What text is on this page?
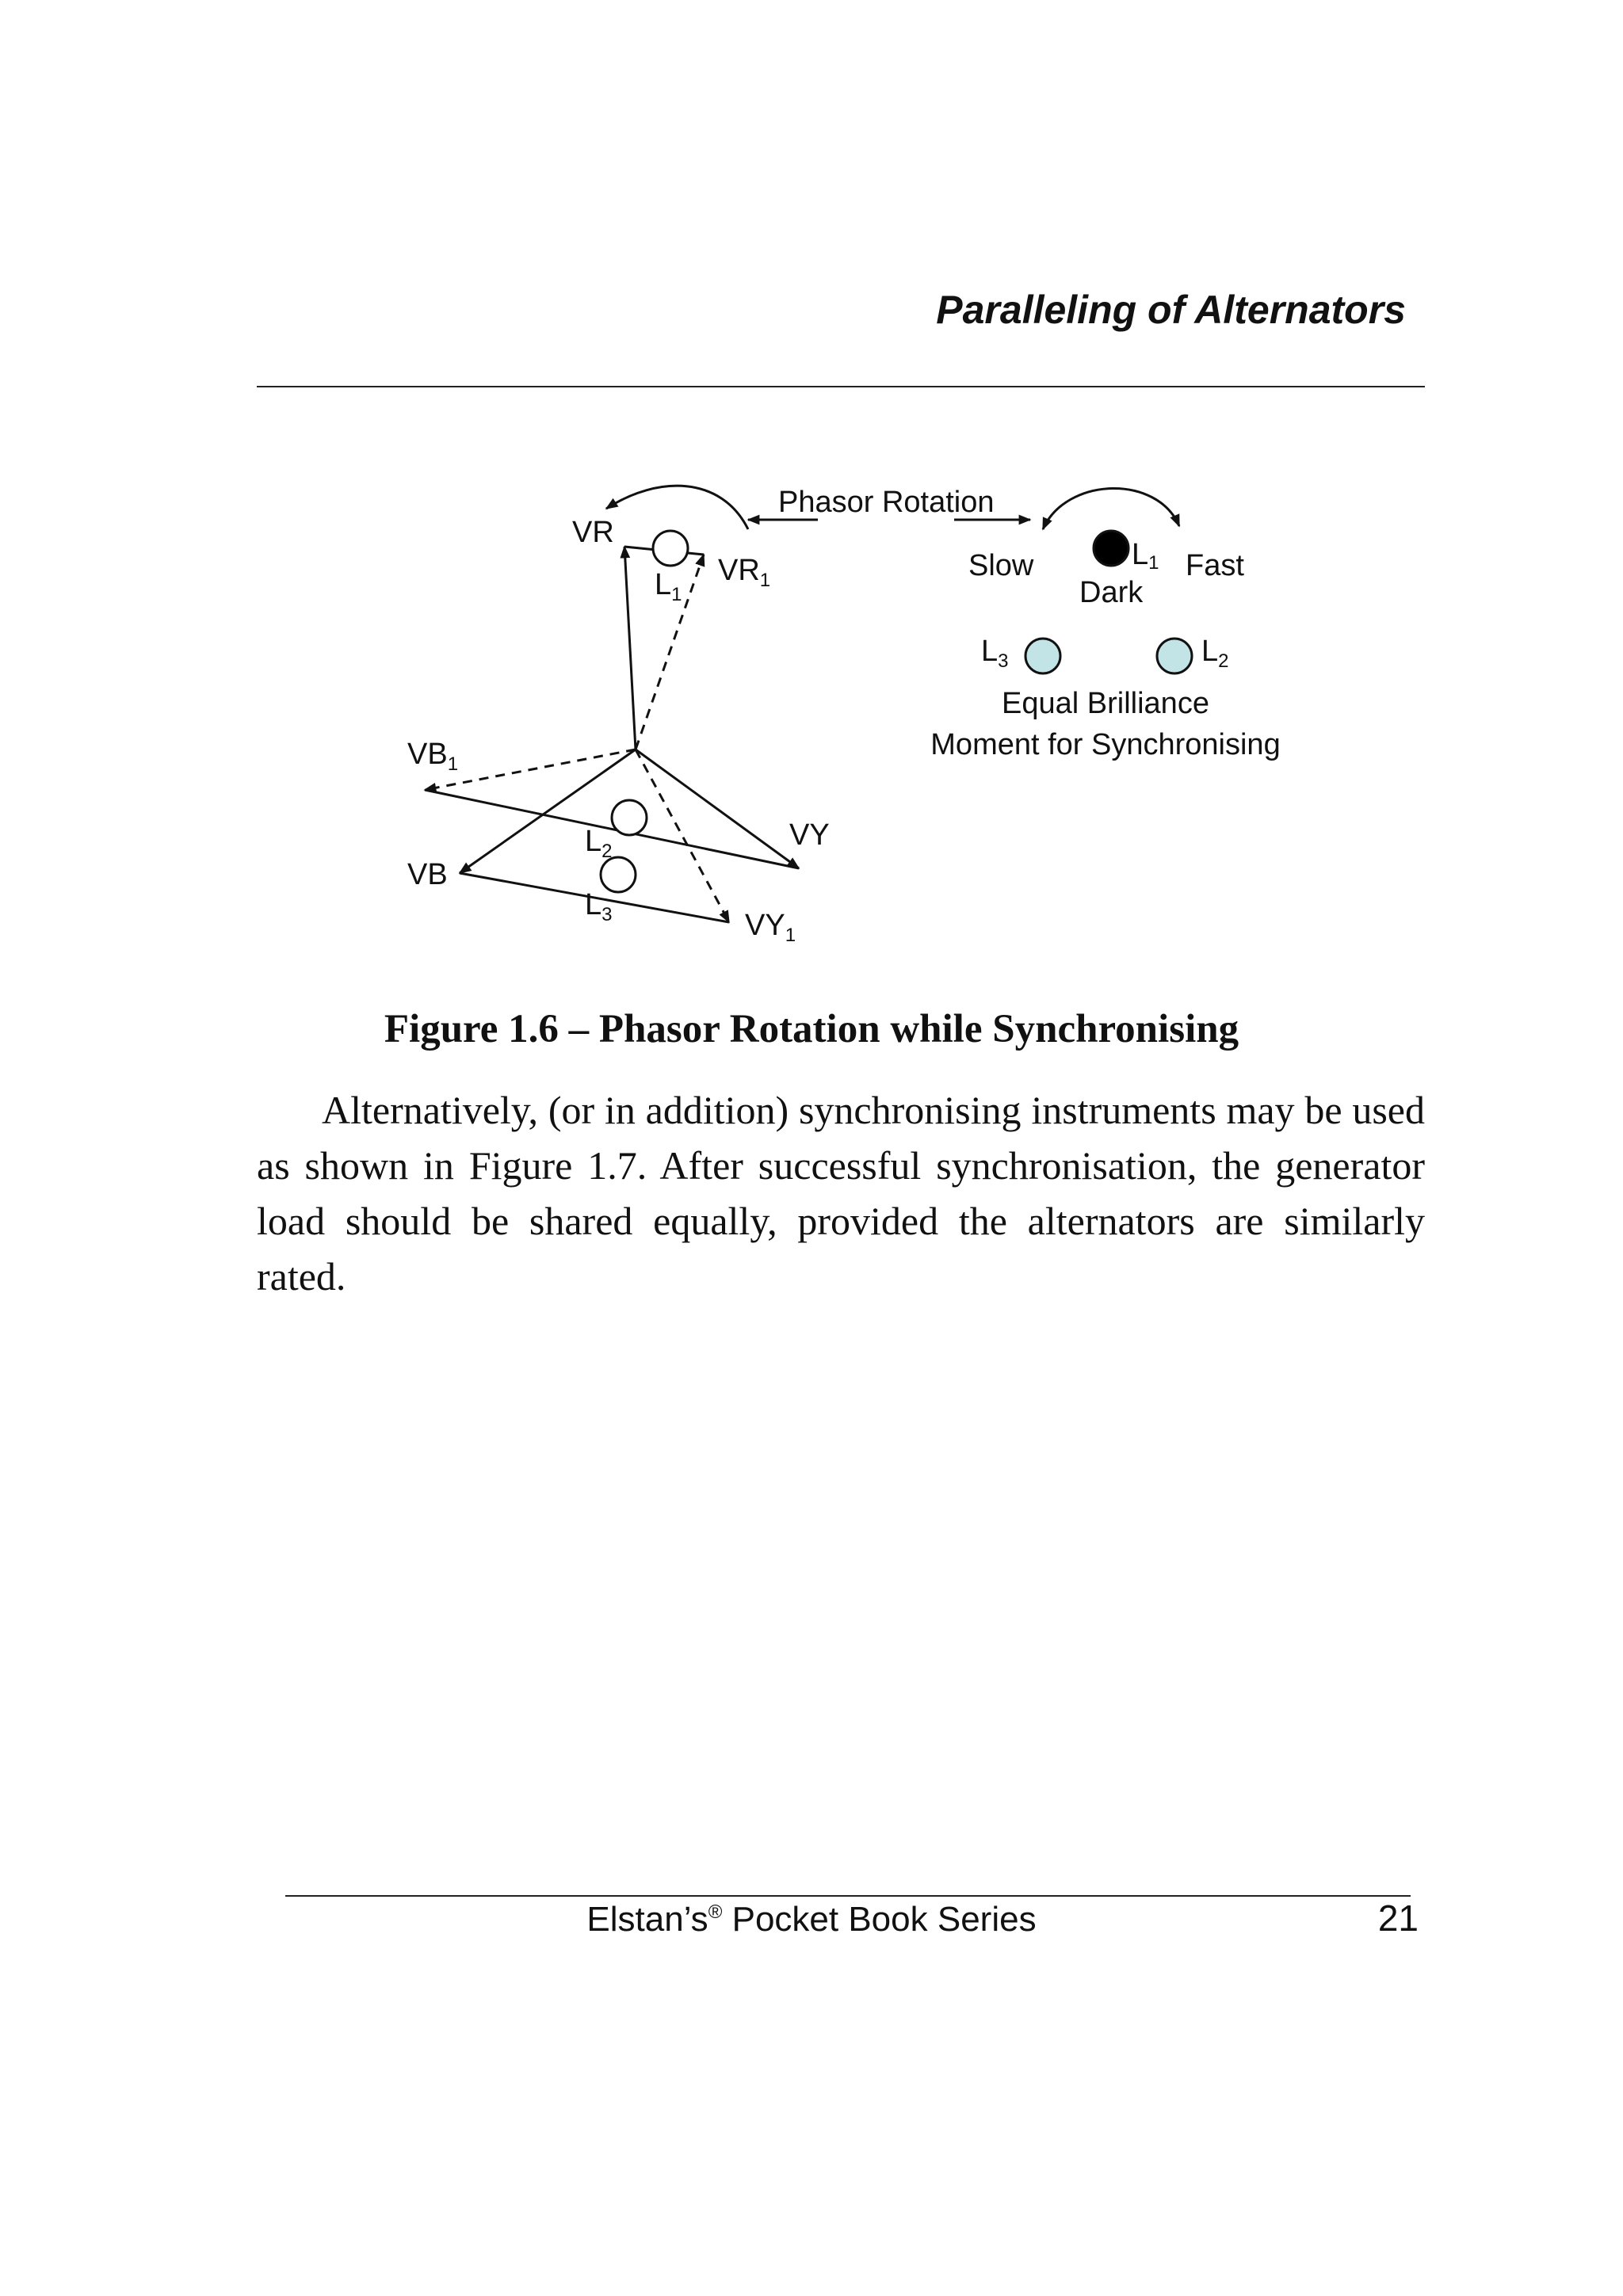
Paralleling of Alternators
Phasor Rotation
VR
$L_1$
$VR_1$
$VB_1$
$L_2$	VY
VB
$L_3$	$VY_1$
Slow	L1 Fast
Dark
$L_3$	$L_2$
Equal Brilliance
Moment for Synchronising
Figure 1.6 – Phasor Rotation while Synchronising

Alternatively, (or in addition) synchronising instruments may be used as shown in Figure 1.7. After successful synchronisation, the generator load should be shared equally, provided the alternators are similarly rated.

Elstan’s® Pocket Book Series	21
